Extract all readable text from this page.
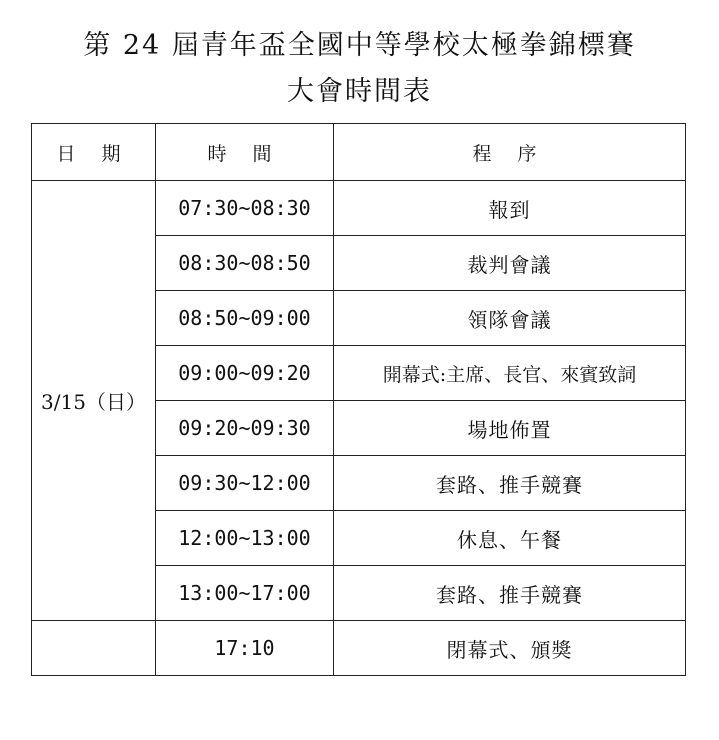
第 24 屆青年盃全國中等學校太極拳錦標賽
大會時間表
日 期	時 間	程 序
3/15（日）	07:30~08:30	報到
	08:30~08:50	裁判會議
	08:50~09:00	領隊會議
	09:00~09:20	開幕式:主席、長官、來賓致詞
	09:20~09:30	場地佈置
	09:30~12:00	套路、推手競賽
	12:00~13:00	休息、午餐
	13:00~17:00	套路、推手競賽
	17:10	閉幕式、頒獎
